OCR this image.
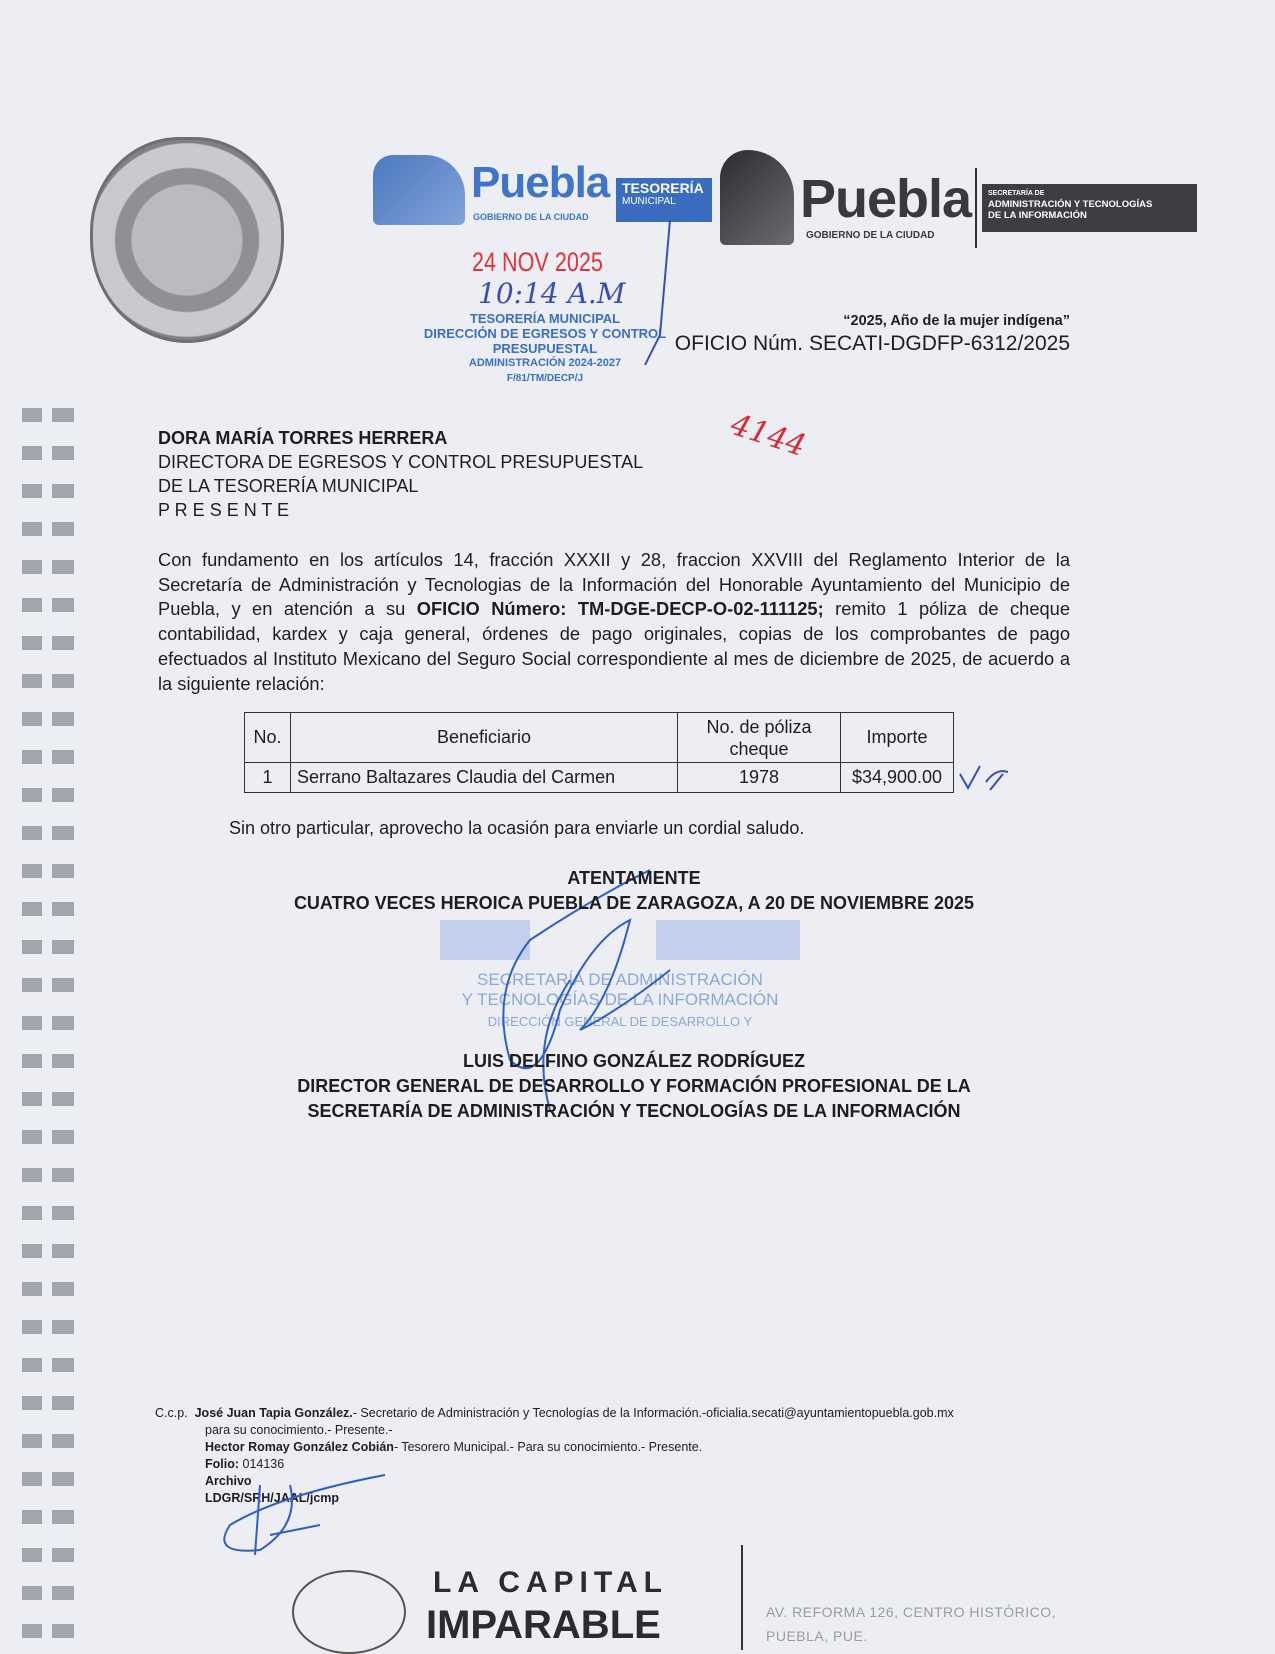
Puebla
GOBIERNO DE LA CIUDAD
TESORERÍA
MUNICIPAL	Puebla
GOBIERNO DE LA CIUDAD
SECRETARÍA DE
ADMINISTRACIÓN Y TECNOLOGÍAS
DE LA INFORMACIÓN
24 NOV 2025
10:14 A.M
TESORERÍA MUNICIPAL
DIRECCIÓN DE EGRESOS Y CONTROL
PRESUPUESTAL
ADMINISTRACIÓN 2024-2027
F/81/TM/DECP/J
“2025, Año de la mujer indígena”
OFICIO Núm. SECATI-DGDFP-6312/2025
4144
DORA MARÍA TORRES HERRERA
DIRECTORA DE EGRESOS Y CONTROL PRESUPUESTAL
DE LA TESORERÍA MUNICIPAL
P R E S E N T E
Con fundamento en los artículos 14, fracción XXXII y 28, fraccion XXVIII del Reglamento Interior de la Secretaría de Administración y Tecnologias de la Información del Honorable Ayuntamiento del Municipio de Puebla, y en atención a su OFICIO Número: TM-DGE-DECP-O-02-111125; remito 1 póliza de cheque contabilidad, kardex y caja general, órdenes de pago originales, copias de los comprobantes de pago efectuados al Instituto Mexicano del Seguro Social correspondiente al mes de diciembre de 2025, de acuerdo a la siguiente relación:
No.	Beneficiario	No. de póliza cheque	Importe
1	Serrano Baltazares Claudia del Carmen	1978	$34,900.00
Sin otro particular, aprovecho la ocasión para enviarle un cordial saludo.
SECRETARÍA DE ADMINISTRACIÓN
Y TECNOLOGÍAS DE LA INFORMACIÓN
DIRECCIÓN GENERAL DE DESARROLLO Y
ATENTAMENTE
CUATRO VECES HEROICA PUEBLA DE ZARAGOZA, A 20 DE NOVIEMBRE 2025
LUIS DELFINO GONZÁLEZ RODRÍGUEZ
DIRECTOR GENERAL DE DESARROLLO Y FORMACIÓN PROFESIONAL DE LA
SECRETARÍA DE ADMINISTRACIÓN Y TECNOLOGÍAS DE LA INFORMACIÓN
C.c.p. José Juan Tapia González.- Secretario de Administración y Tecnologías de la Información.-oficialia.secati@ayuntamientopuebla.gob.mx
para su conocimiento.- Presente.-
Hector Romay González Cobián- Tesorero Municipal.- Para su conocimiento.- Presente.
Folio: 014136
Archivo
LDGR/SRH/JAAL/jcmp
LA CAPITAL
IMPARABLE	AV. REFORMA 126, CENTRO HISTÓRICO,
PUEBLA, PUE.
